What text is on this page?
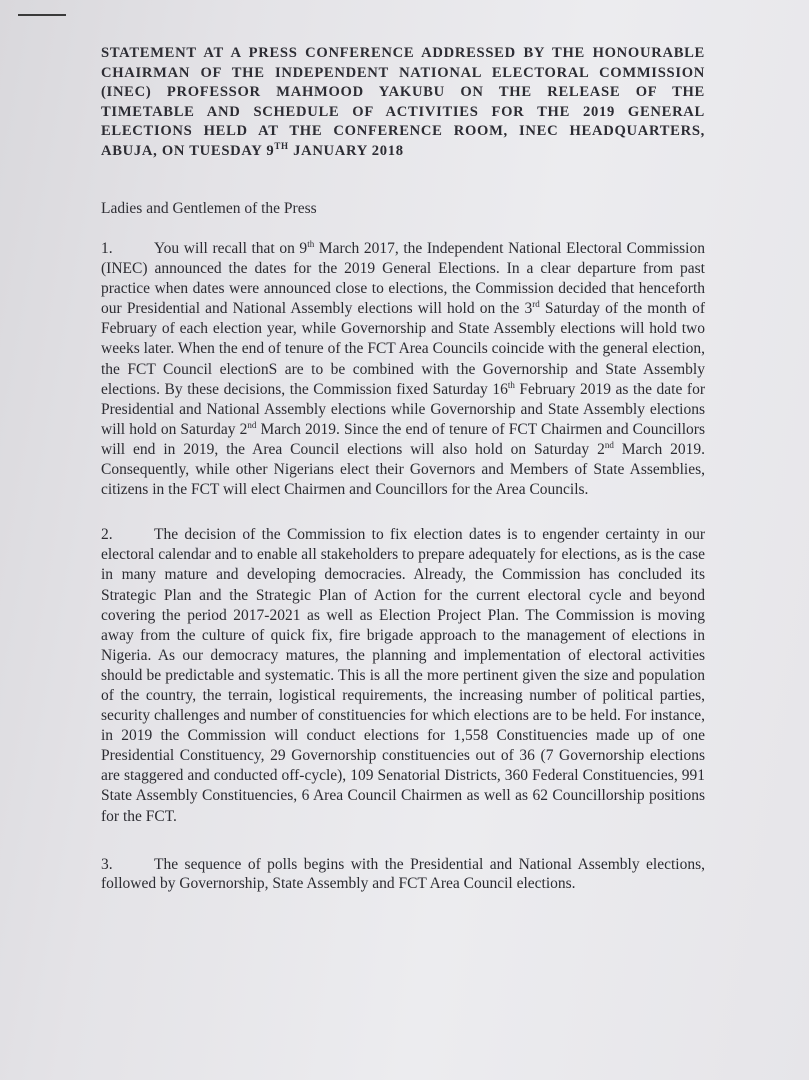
STATEMENT AT A PRESS CONFERENCE ADDRESSED BY THE HONOURABLE CHAIRMAN OF THE INDEPENDENT NATIONAL ELECTORAL COMMISSION (INEC) PROFESSOR MAHMOOD YAKUBU ON THE RELEASE OF THE TIMETABLE AND SCHEDULE OF ACTIVITIES FOR THE 2019 GENERAL ELECTIONS HELD AT THE CONFERENCE ROOM, INEC HEADQUARTERS, ABUJA, ON TUESDAY 9TH JANUARY 2018

Ladies and Gentlemen of the Press

1.	You will recall that on 9th March 2017, the Independent National Electoral Commission (INEC) announced the dates for the 2019 General Elections. In a clear departure from past practice when dates were announced close to elections, the Commission decided that henceforth our Presidential and National Assembly elections will hold on the 3rd Saturday of the month of February of each election year, while Governorship and State Assembly elections will hold two weeks later. When the end of tenure of the FCT Area Councils coincide with the general election, the FCT Council electionS are to be combined with the Governorship and State Assembly elections. By these decisions, the Commission fixed Saturday 16th February 2019 as the date for Presidential and National Assembly elections while Governorship and State Assembly elections will hold on Saturday 2nd March 2019. Since the end of tenure of FCT Chairmen and Councillors will end in 2019, the Area Council elections will also hold on Saturday 2nd March 2019. Consequently, while other Nigerians elect their Governors and Members of State Assemblies, citizens in the FCT will elect Chairmen and Councillors for the Area Councils.

2.	The decision of the Commission to fix election dates is to engender certainty in our electoral calendar and to enable all stakeholders to prepare adequately for elections, as is the case in many mature and developing democracies. Already, the Commission has concluded its Strategic Plan and the Strategic Plan of Action for the current electoral cycle and beyond covering the period 2017-2021 as well as Election Project Plan. The Commission is moving away from the culture of quick fix, fire brigade approach to the management of elections in Nigeria. As our democracy matures, the planning and implementation of electoral activities should be predictable and systematic. This is all the more pertinent given the size and population of the country, the terrain, logistical requirements, the increasing number of political parties, security challenges and number of constituencies for which elections are to be held. For instance, in 2019 the Commission will conduct elections for 1,558 Constituencies made up of one Presidential Constituency, 29 Governorship constituencies out of 36 (7 Governorship elections are staggered and conducted off-cycle), 109 Senatorial Districts, 360 Federal Constituencies, 991 State Assembly Constituencies, 6 Area Council Chairmen as well as 62 Councillorship positions for the FCT.

3.	The sequence of polls begins with the Presidential and National Assembly elections, followed by Governorship, State Assembly and FCT Area Council elections.
